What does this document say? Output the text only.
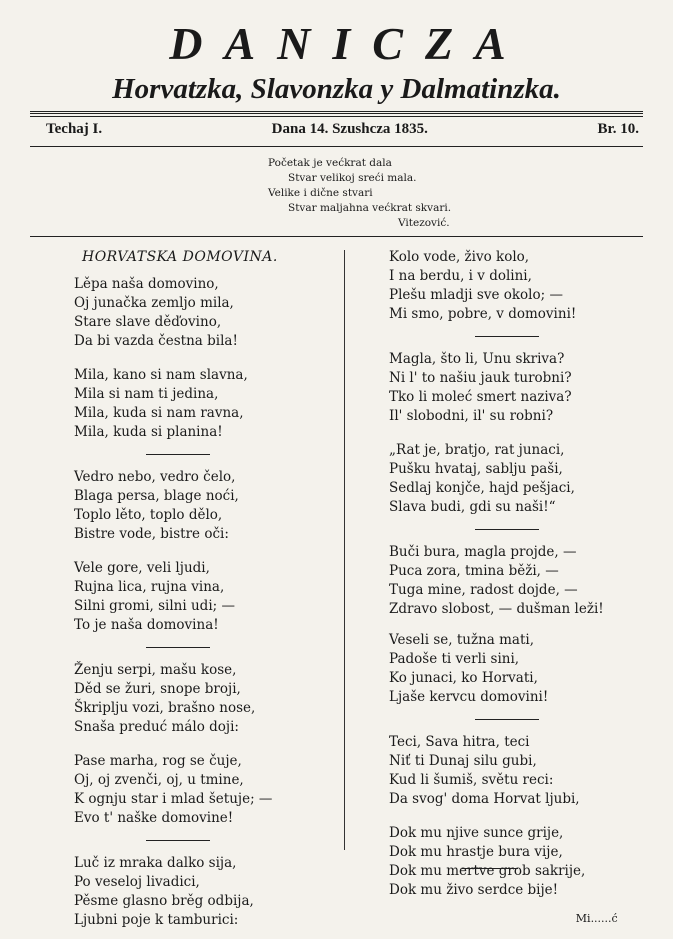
DANICZA
Horvatzka, Slavonzka y Dalmatinzka.
Techaj I.	Dana 14. Szushcza 1835.	Br. 10.
Početak je većkrat dala
Stvar velikoj sreći mala.
Velike i dične stvari
Stvar maljahna većkrat skvari.
Vitezović.
HORVATSKA DOMOVINA.
Lěpa naša domovino,
Oj junačka zemljo mila,
Stare slave děďovino,
Da bi vazda čestna bila!
Mila, kano si nam slavna,
Mila si nam ti jedina,
Mila, kuda si nam ravna,
Mila, kuda si planina!
Vedro nebo, vedro čelo,
Blaga persa, blage noći,
Toplo lěto, toplo dělo,
Bistre vode, bistre oči:
Vele gore, veli ljudi,
Rujna lica, rujna vina,
Silni gromi, silni udi; —
To je naša domovina!
Ženju serpi, mašu kose,
Děd se žuri, snope broji,
Škriplju vozi, brašno nose,
Snaša preduć málo doji:
Pase marha, rog se čuje,
Oj, oj zvenči, oj, u tmine,
K ognju star i mlad šetuje; —
Evo t' naške domovine!
Luč iz mraka dalko sija,
Po veseloj livadici,
Pěsme glasno brěg odbija,
Ljubni poje k tamburici:
Kolo vode, živo kolo,
I na berdu, i v dolini,
Plešu mladji sve okolo; —
Mi smo, pobre, v domovini!
Magla, što li, Unu skriva?
Ni l' to našiu jauk turobni?
Tko li moleć smert naziva?
Il' slobodni, il' su robni?
„Rat je, bratjo, rat junaci,
Pušku hvataj, sablju paši,
Sedlaj konjče, hajd pešjaci,
Slava budi, gdi su naši!“
Buči bura, magla projde, —
Puca zora, tmina běži, —
Tuga mine, radost dojde, —
Zdravo slobost, — dušman leži!
Veseli se, tužna mati,
Padoše ti verli sini,
Ko junaci, ko Horvati,
Ljaše kervcu domovini!
Teci, Sava hitra, teci
Niť ti Dunaj silu gubi,
Kud li šumiš, světu reci:
Da svog' doma Horvat ljubi,
Dok mu njive sunce grije,
Dok mu hrastje bura vije,
Dok mu mertve grob sakrije,
Dok mu živo serdce bije!
Mi......ć
